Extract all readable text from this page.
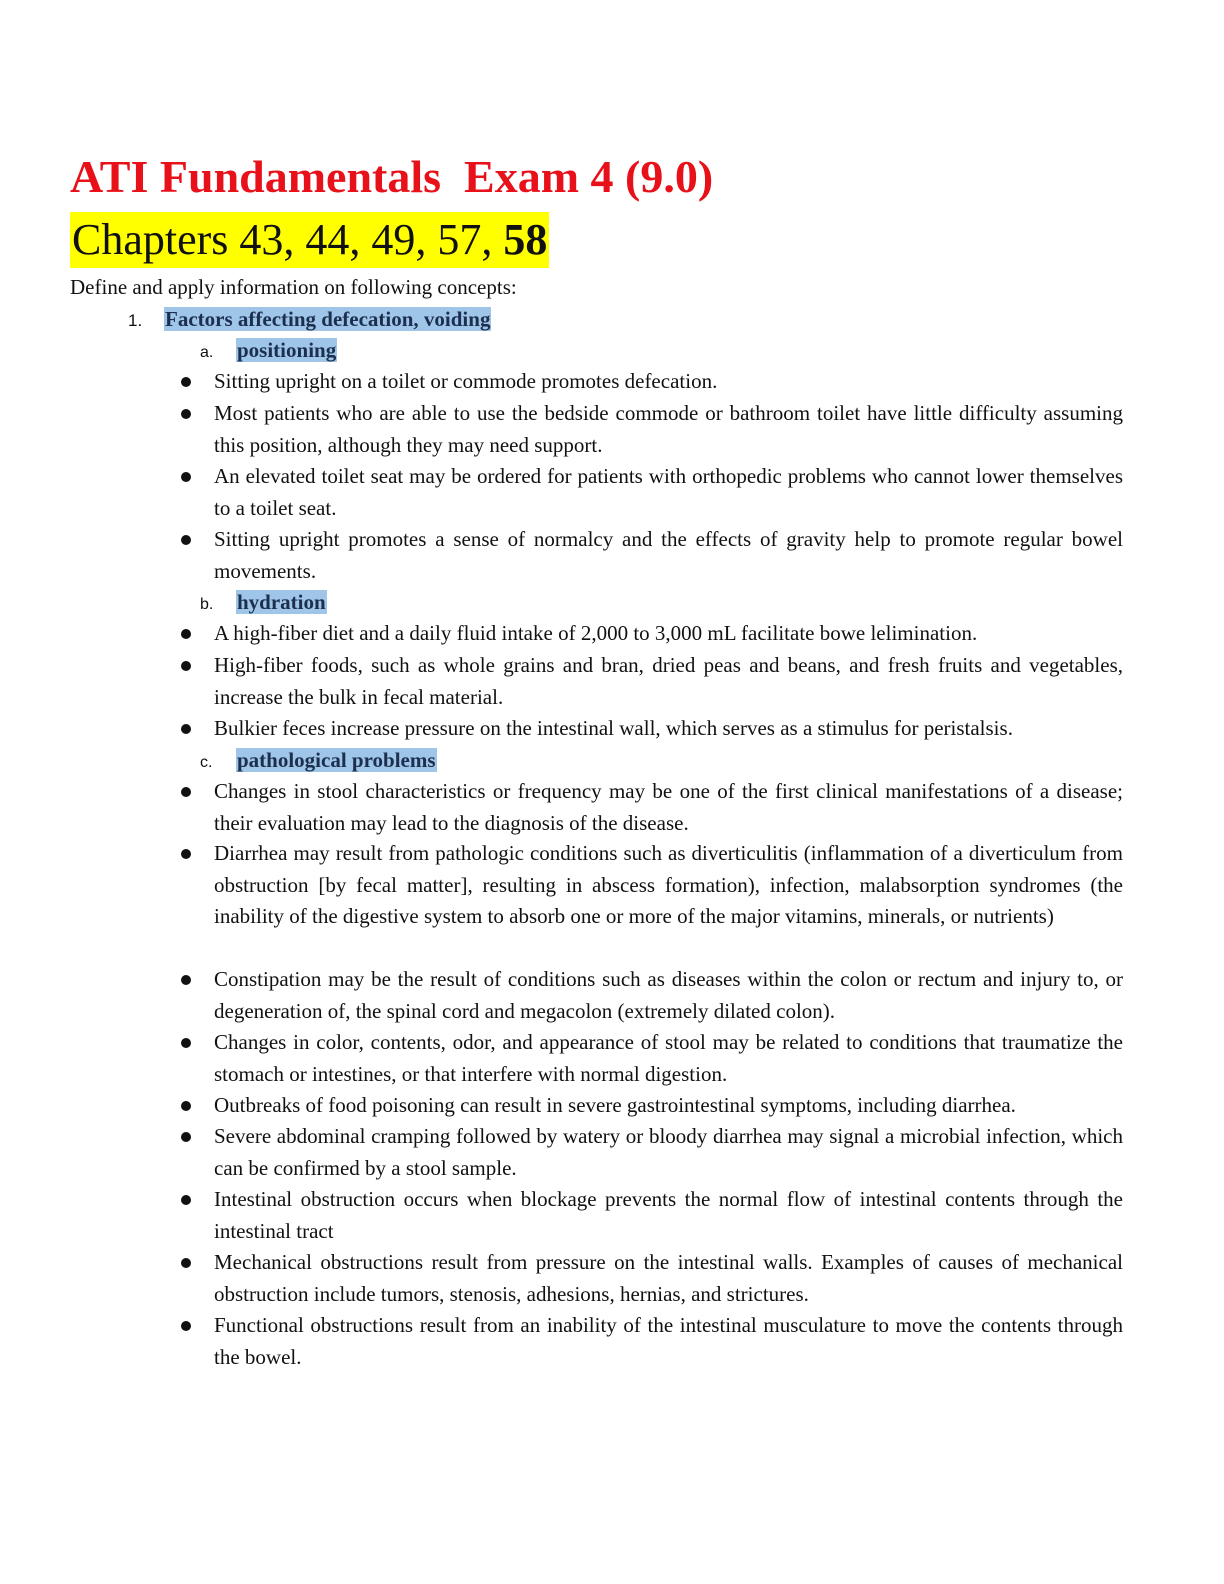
ATI Fundamentals  Exam 4 (9.0)
Chapters 43, 44, 49, 57, 58
Define and apply information on following concepts:
1. Factors affecting defecation, voiding
a. positioning
Sitting upright on a toilet or commode promotes defecation.
Most patients who are able to use the bedside commode or bathroom toilet have little difficulty assuming this position, although they may need support.
An elevated toilet seat may be ordered for patients with orthopedic problems who cannot lower themselves to a toilet seat.
Sitting upright promotes a sense of normalcy and the effects of gravity help to promote regular bowel movements.
b. hydration
A high-fiber diet and a daily fluid intake of 2,000 to 3,000 mL facilitate bowe lelimination.
High-fiber foods, such as whole grains and bran, dried peas and beans, and fresh fruits and vegetables, increase the bulk in fecal material.
Bulkier feces increase pressure on the intestinal wall, which serves as a stimulus for peristalsis.
c. pathological problems
Changes in stool characteristics or frequency may be one of the first clinical manifestations of a disease; their evaluation may lead to the diagnosis of the disease.
Diarrhea may result from pathologic conditions such as diverticulitis (inflammation of a diverticulum from obstruction [by fecal matter], resulting in abscess formation), infection, malabsorption syndromes (the inability of the digestive system to absorb one or more of the major vitamins, minerals, or nutrients)
Constipation may be the result of conditions such as diseases within the colon or rectum and injury to, or degeneration of, the spinal cord and megacolon (extremely dilated colon).
Changes in color, contents, odor, and appearance of stool may be related to conditions that traumatize the stomach or intestines, or that interfere with normal digestion.
Outbreaks of food poisoning can result in severe gastrointestinal symptoms, including diarrhea.
Severe abdominal cramping followed by watery or bloody diarrhea may signal a microbial infection, which can be confirmed by a stool sample.
Intestinal obstruction occurs when blockage prevents the normal flow of intestinal contents through the intestinal tract
Mechanical obstructions result from pressure on the intestinal walls. Examples of causes of mechanical obstruction include tumors, stenosis, adhesions, hernias, and strictures.
Functional obstructions result from an inability of the intestinal musculature to move the contents through the bowel.
